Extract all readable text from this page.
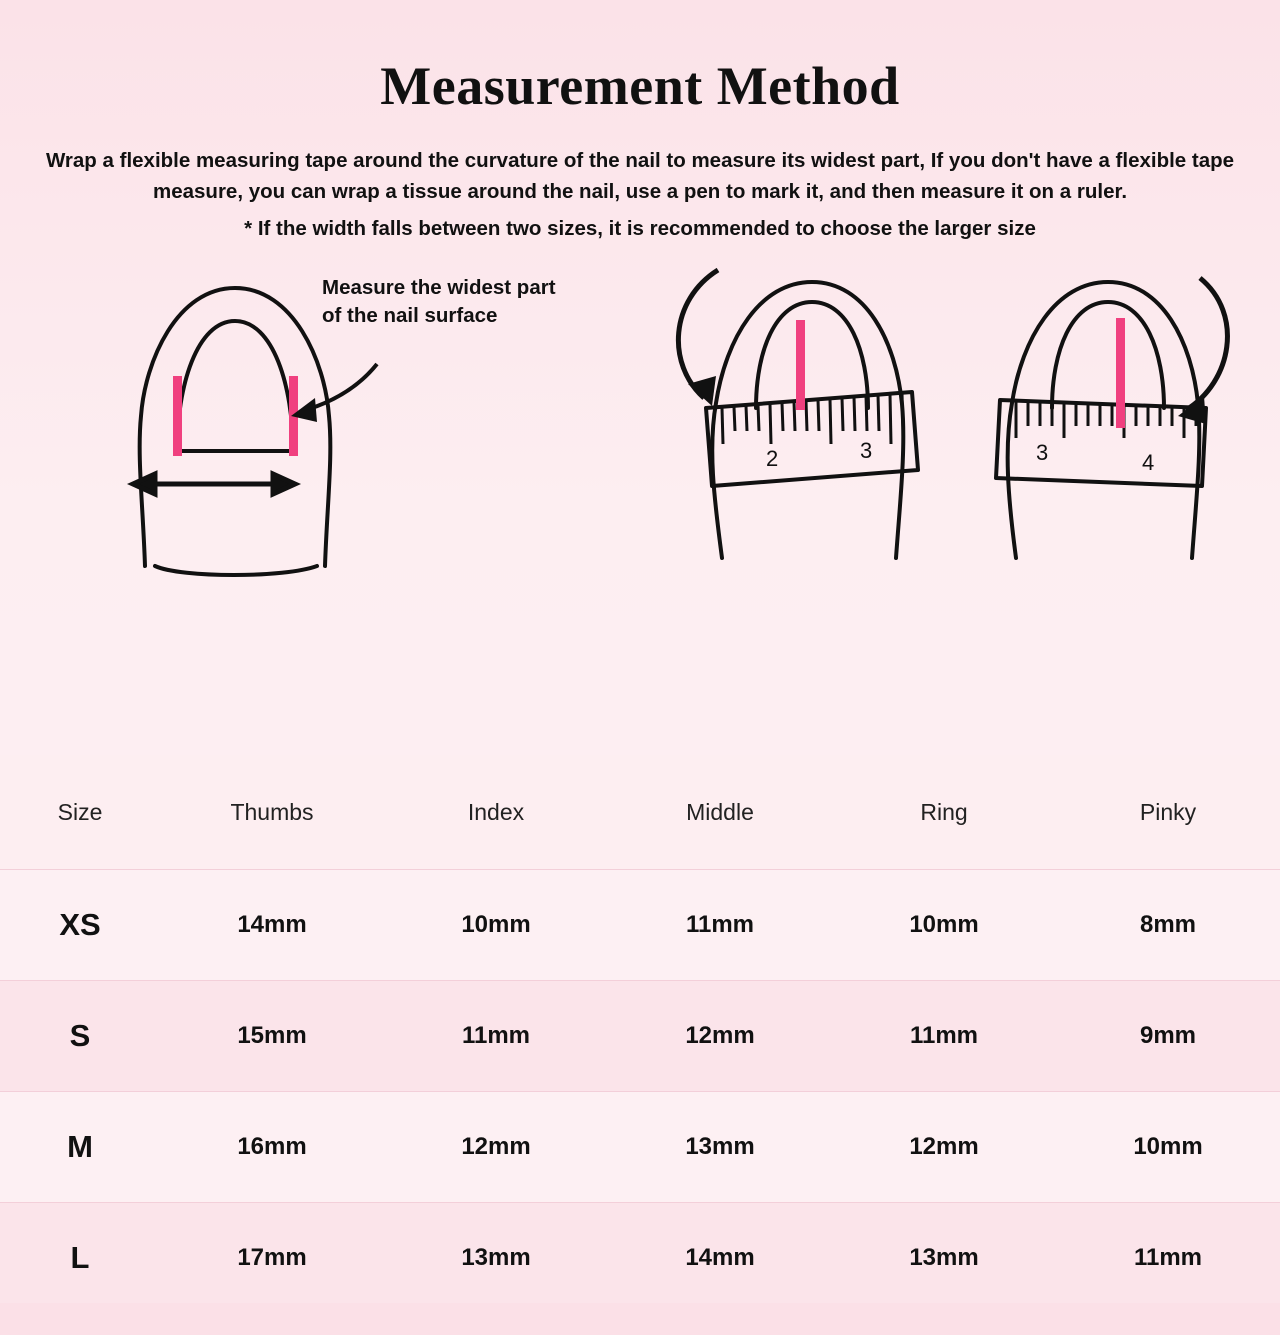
Measurement Method
Wrap a flexible measuring tape around the curvature of the nail to measure its widest part, If you don't have a flexible tape measure, you can wrap a tissue around the nail, use a pen to mark it, and then measure it on a ruler.
* If the width falls between two sizes, it is recommended to choose the larger size
Measure the widest part
of the nail surface
2	3	3	4
Size	Thumbs	Index	Middle	Ring	Pinky
XS	14mm	10mm	11mm	10mm	8mm
S	15mm	11mm	12mm	11mm	9mm
M	16mm	12mm	13mm	12mm	10mm
L	17mm	13mm	14mm	13mm	11mm
